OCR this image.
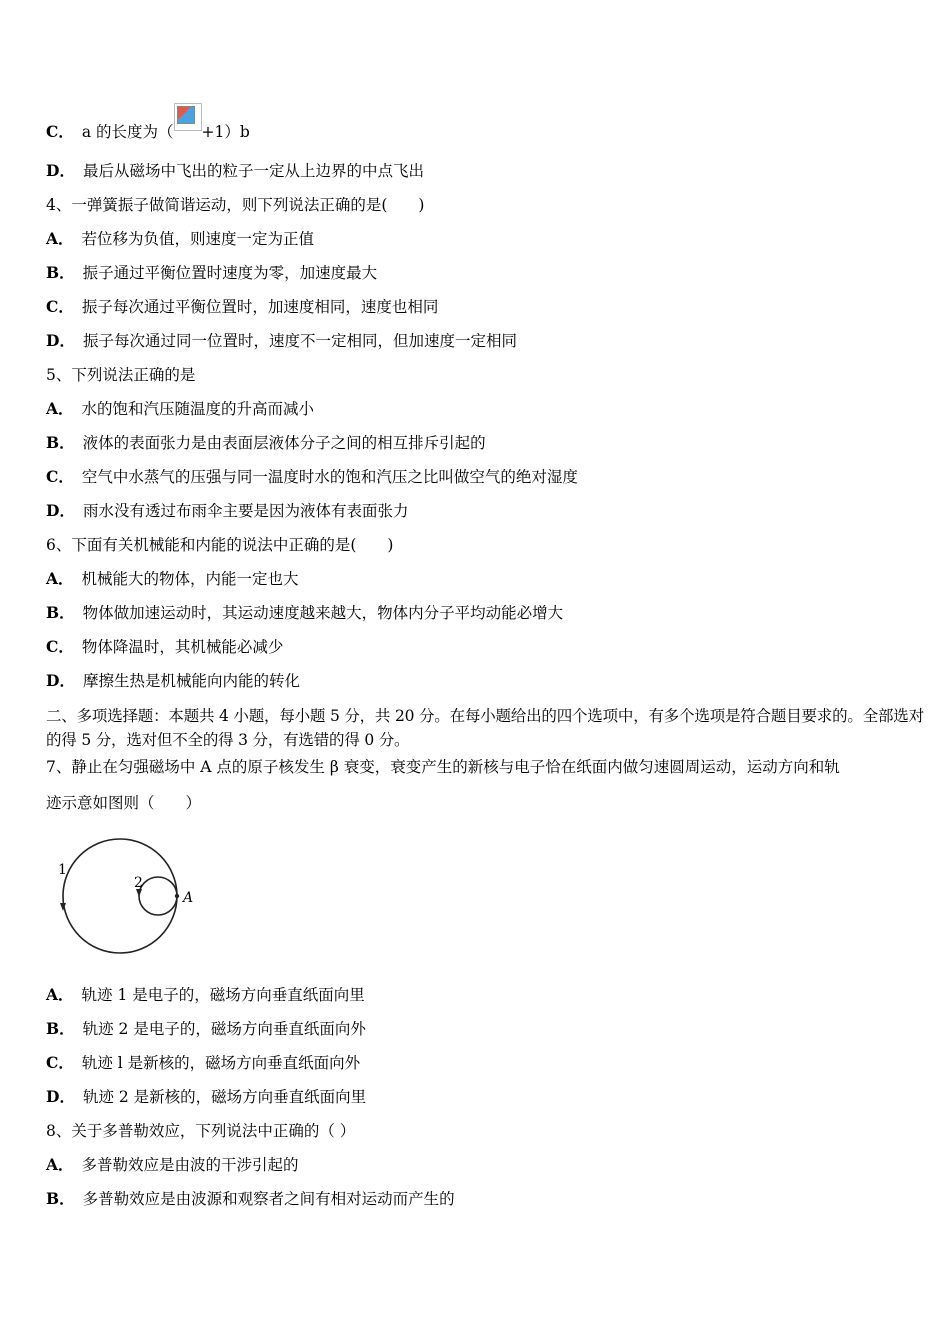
C． a 的长度为（ +1）b
D． 最后从磁场中飞出的粒子一定从上边界的中点飞出
4、一弹簧振子做简谐运动，则下列说法正确的是(　　)
A． 若位移为负值，则速度一定为正值
B． 振子通过平衡位置时速度为零，加速度最大
C． 振子每次通过平衡位置时，加速度相同，速度也相同
D． 振子每次通过同一位置时，速度不一定相同，但加速度一定相同
5、下列说法正确的是
A． 水的饱和汽压随温度的升高而减小
B． 液体的表面张力是由表面层液体分子之间的相互排斥引起的
C． 空气中水蒸气的压强与同一温度时水的饱和汽压之比叫做空气的绝对湿度
D． 雨水没有透过布雨伞主要是因为液体有表面张力
6、下面有关机械能和内能的说法中正确的是(　　)
A． 机械能大的物体，内能一定也大
B． 物体做加速运动时，其运动速度越来越大，物体内分子平均动能必增大
C． 物体降温时，其机械能必减少
D． 摩擦生热是机械能向内能的转化
二、多项选择题：本题共 4 小题，每小题 5 分，共 20 分。在每小题给出的四个选项中，有多个选项是符合题目要求的。全部选对的得 5 分，选对但不全的得 3 分，有选错的得 0 分。
7、静止在匀强磁场中 A 点的原子核发生 β 衰变，衰变产生的新核与电子恰在纸面内做匀速圆周运动，运动方向和轨
迹示意如图则（　　）
1
2
A
A． 轨迹 1 是电子的，磁场方向垂直纸面向里
B． 轨迹 2 是电子的，磁场方向垂直纸面向外
C． 轨迹 l 是新核的，磁场方向垂直纸面向外
D． 轨迹 2 是新核的，磁场方向垂直纸面向里
8、关于多普勒效应，下列说法中正确的（ ）
A． 多普勒效应是由波的干涉引起的
B． 多普勒效应是由波源和观察者之间有相对运动而产生的
